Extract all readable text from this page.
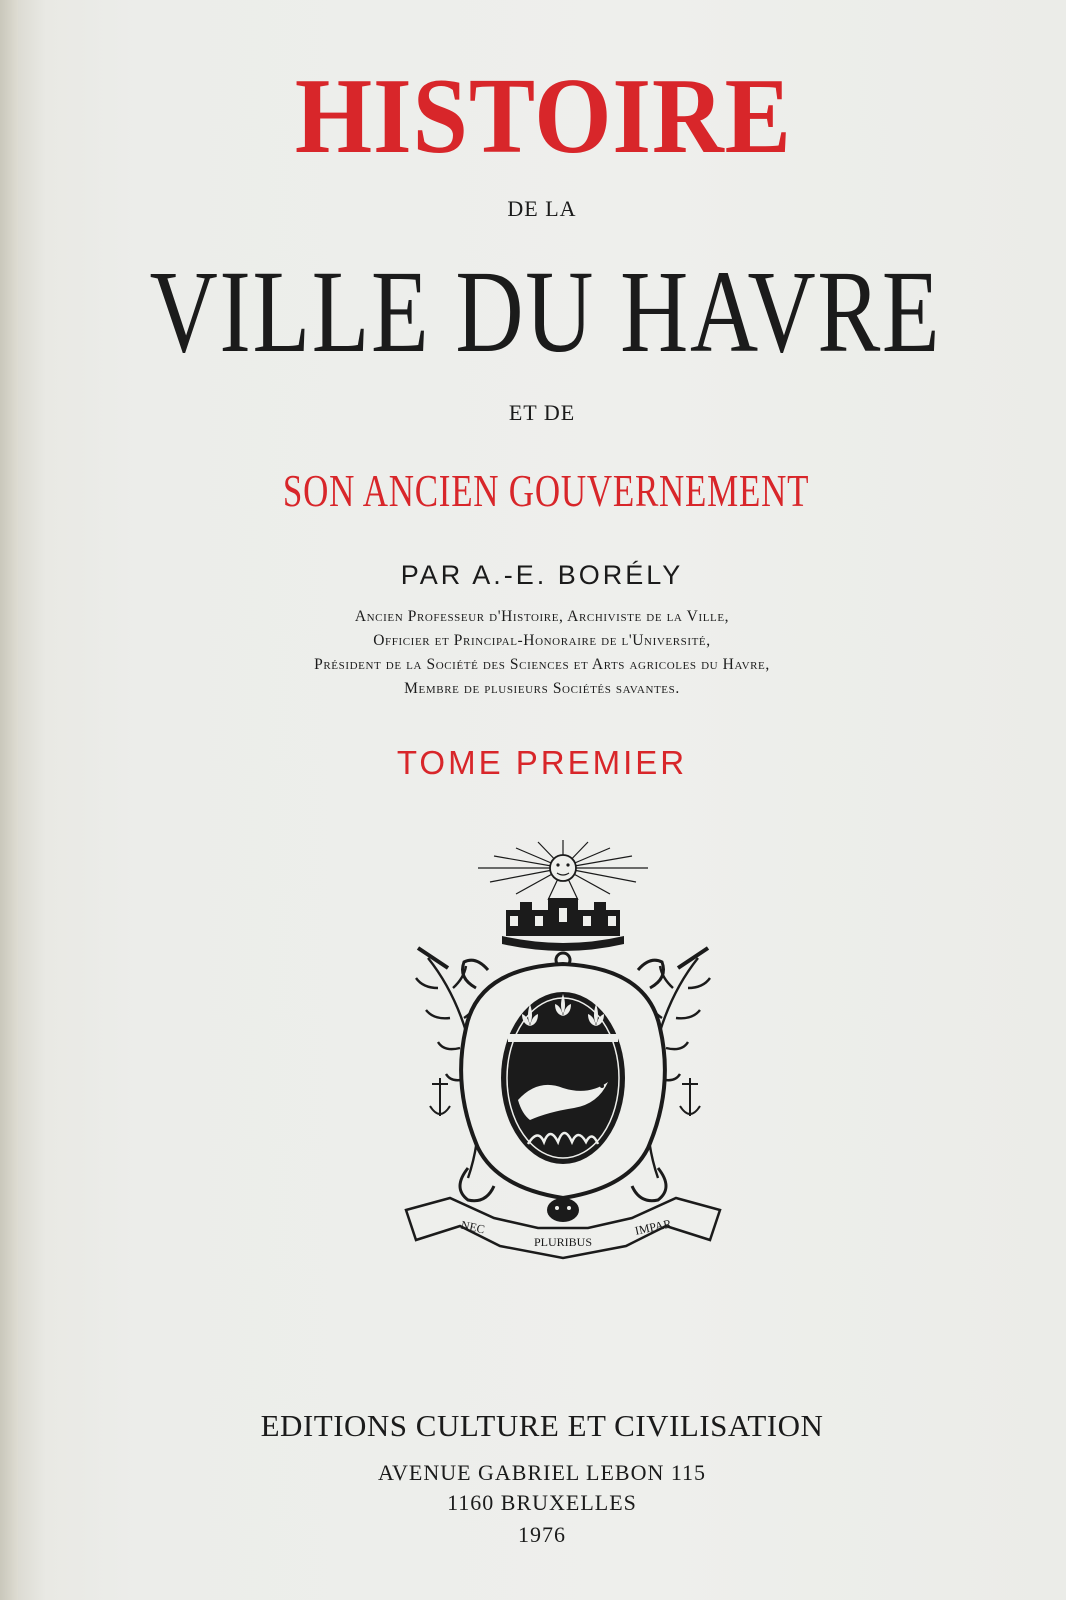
HISTOIRE

DE LA

VILLE DU HAVRE

ET DE

SON ANCIEN GOUVERNEMENT

PAR A.-E. BORÉLY

Ancien Professeur d'Histoire, Archiviste de la Ville,

Officier et Principal-Honoraire de l'Université,

Président de la Société des Sciences et Arts agricoles du Havre,

Membre de plusieurs Sociétés savantes.

TOME PREMIER

NEC
PLURIBUS
IMPAR

EDITIONS CULTURE ET CIVILISATION

AVENUE GABRIEL LEBON 115

1160 BRUXELLES

1976
